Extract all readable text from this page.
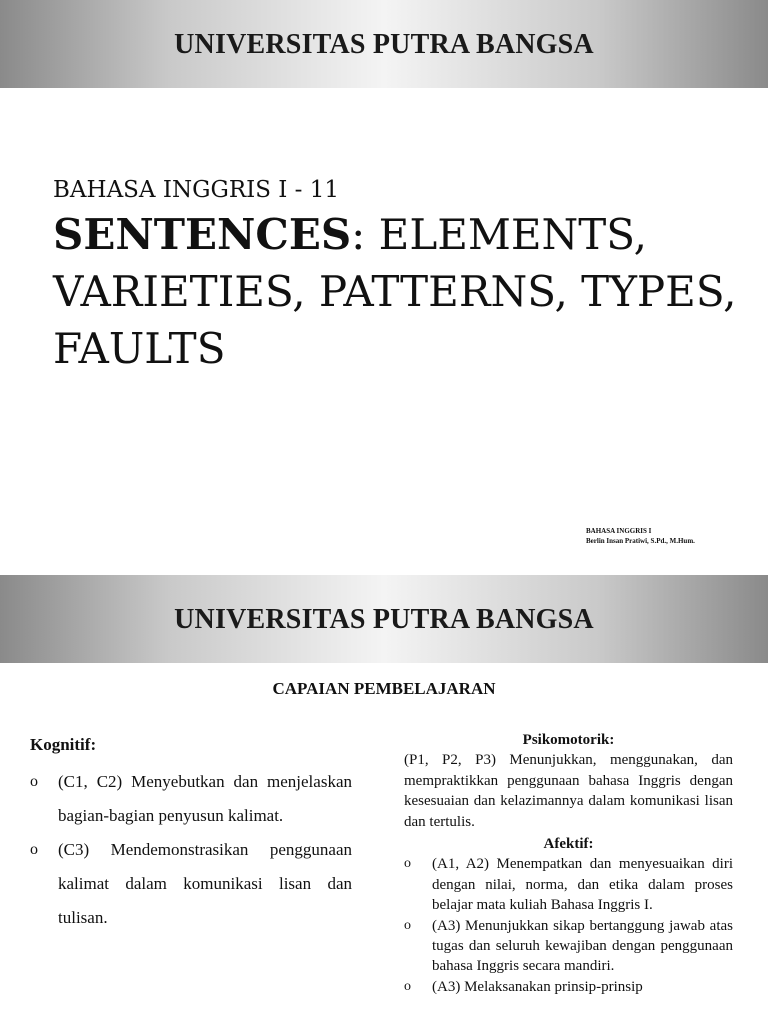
UNIVERSITAS PUTRA BANGSA
BAHASA INGGRIS I - 11
SENTENCES: ELEMENTS, VARIETIES, PATTERNS, TYPES, FAULTS
BAHASA INGGRIS I
Berlin Insan Pratiwi, S.Pd., M.Hum.
UNIVERSITAS PUTRA BANGSA
CAPAIAN PEMBELAJARAN
Kognitif:
o (C1, C2) Menyebutkan dan menjelaskan bagian-bagian penyusun kalimat.
o (C3) Mendemonstrasikan penggunaan kalimat dalam komunikasi lisan dan tulisan.
Psikomotorik:
(P1, P2, P3) Menunjukkan, menggunakan, dan mempraktikkan penggunaan bahasa Inggris dengan kesesuaian dan kelazimannya dalam komunikasi lisan dan tertulis.
Afektif:
o (A1, A2) Menempatkan dan menyesuaikan diri dengan nilai, norma, dan etika dalam proses belajar mata kuliah Bahasa Inggris I.
o (A3) Menunjukkan sikap bertanggung jawab atas tugas dan seluruh kewajiban dengan penggunaan bahasa Inggris secara mandiri.
o (A3) Melaksanakan prinsip-prinsip
